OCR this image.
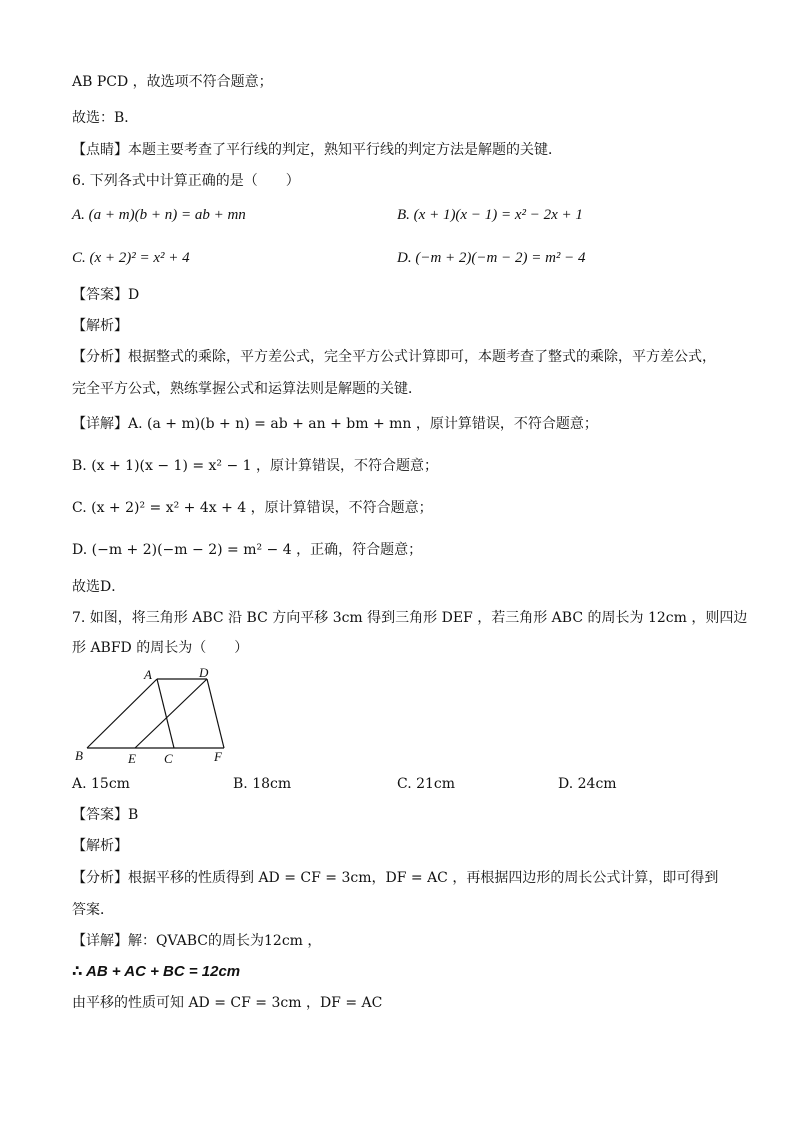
AB PCD ，故选项不符合题意；
故选：B．
【点睛】本题主要考查了平行线的判定，熟知平行线的判定方法是解题的关键．
6. 下列各式中计算正确的是（　　）
A. (a + m)(b + n) = ab + mn	B. (x + 1)(x − 1) = x² − 2x + 1
C. (x + 2)² = x² + 4	D. (−m + 2)(−m − 2) = m² − 4
【答案】D
【解析】
【分析】根据整式的乘除，平方差公式，完全平方公式计算即可，本题考查了整式的乘除，平方差公式，
完全平方公式，熟练掌握公式和运算法则是解题的关键．
【详解】A. (a + m)(b + n) = ab + an + bm + mn ，原计算错误，不符合题意；
B. (x + 1)(x − 1) = x² − 1 ，原计算错误，不符合题意；
C. (x + 2)² = x² + 4x + 4 ，原计算错误，不符合题意；
D. (−m + 2)(−m − 2) = m² − 4 ，正确，符合题意；
故选D．
7. 如图，将三角形 ABC 沿 BC 方向平移 3cm 得到三角形 DEF ，若三角形 ABC 的周长为 12cm ，则四边
形 ABFD 的周长为（　　）
A	D
B	E C	F
A. 15cm	B. 18cm	C. 21cm	D. 24cm
【答案】B
【解析】
【分析】根据平移的性质得到 AD = CF = 3cm，DF = AC ，再根据四边形的周长公式计算，即可得到
答案．
【详解】解：QVABC的周长为12cm ，
∴ AB + AC + BC = 12cm
由平移的性质可知 AD = CF = 3cm ，DF = AC
